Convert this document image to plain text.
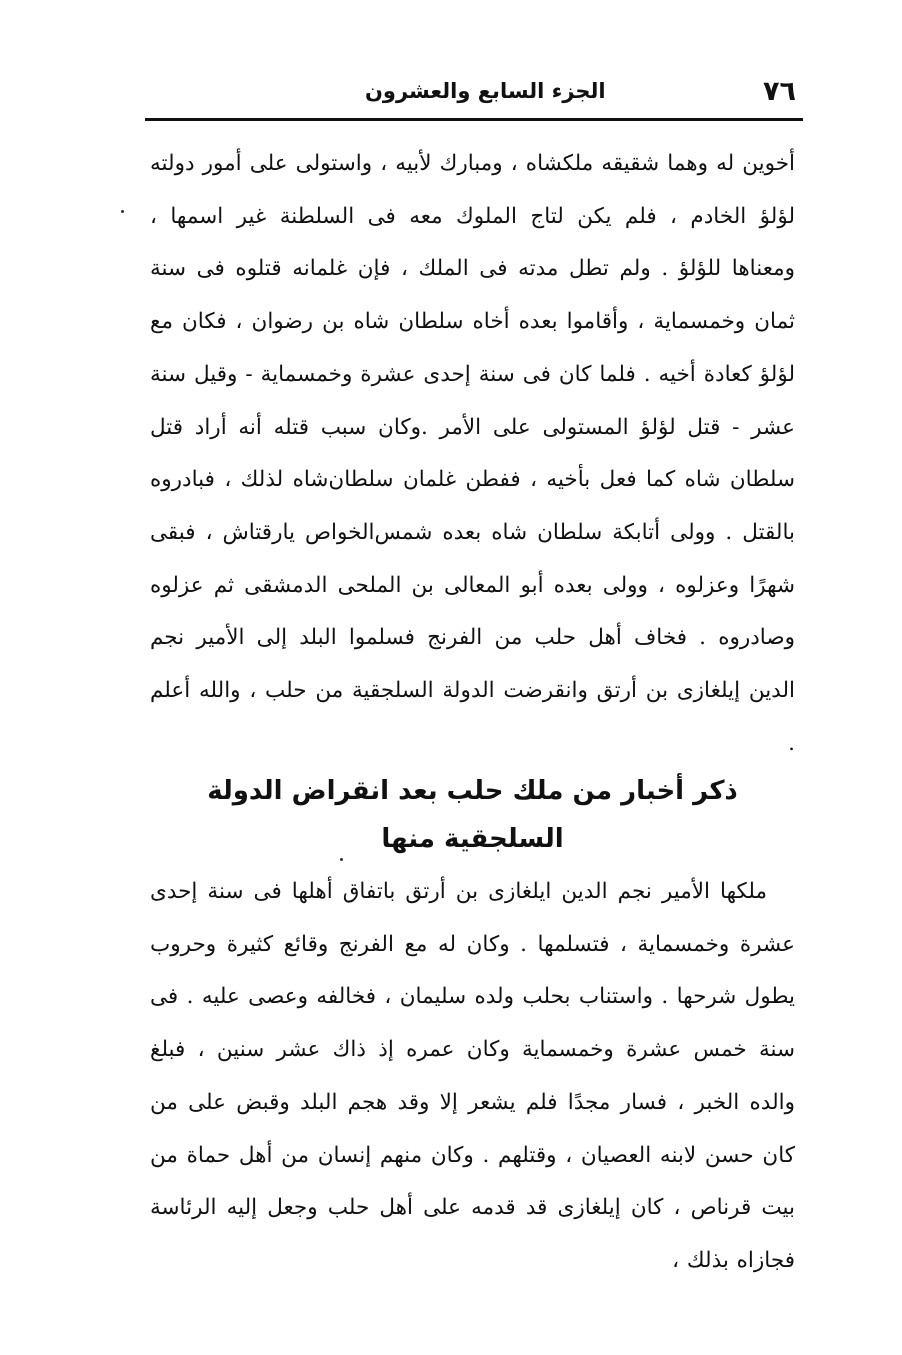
٧٦
الجزء السابع والعشرون

أخوين له وهما شقيقه ملكشاه ، ومبارك لأبيه ، واستولى على أمور دولته لؤلؤ الخادم ، فلم يكن لتاج الملوك معه فى السلطنة غير اسمها ، ومعناها للؤلؤ . ولم تطل مدته فى الملك ، فإن غلمانه قتلوه فى سنة ثمان وخمسماية ، وأقاموا بعده أخاه سلطان شاه بن رضوان ، فكان مع لؤلؤ كعادة أخيه . فلما كان فى سنة إحدى عشرة وخمسماية - وقيل سنة عشر - قتل لؤلؤ المستولى على الأمر .وكان سبب قتله أنه أراد قتل سلطان شاه كما فعل بأخيه ، ففطن غلمان سلطان‌شاه لذلك ، فبادروه بالقتل . وولى أتابكة سلطان شاه بعده شمس‌الخواص يارقتاش ، فبقى شهرًا وعزلوه ، وولى بعده أبو المعالى بن الملحى الدمشقى ثم عزلوه وصادروه . فخاف أهل حلب من الفرنج فسلموا البلد إلى الأمير نجم الدين إيلغازى بن أرتق وانقرضت الدولة السلجقية من حلب ، والله أعلم .

ذكر أخبار من ملك حلب بعد انقراض الدولة
السلجقية منها

ملكها الأمير نجم الدين ايلغازى بن أرتق باتفاق أهلها فى سنة إحدى عشرة وخمسماية ، فتسلمها . وكان له مع الفرنج وقائع كثيرة وحروب يطول شرحها . واستناب بحلب ولده سليمان ، فخالفه وعصى عليه . فى سنة خمس عشرة وخمسماية وكان عمره إذ ذاك عشر سنين ، فبلغ والده الخبر ، فسار مجدًا فلم يشعر إلا وقد هجم البلد وقبض على من كان حسن لابنه العصيان ، وقتلهم . وكان منهم إنسان من أهل حماة من بيت قرناص ، كان إيلغازى قد قدمه على أهل حلب وجعل إليه الرئاسة فجازاه بذلك ،
